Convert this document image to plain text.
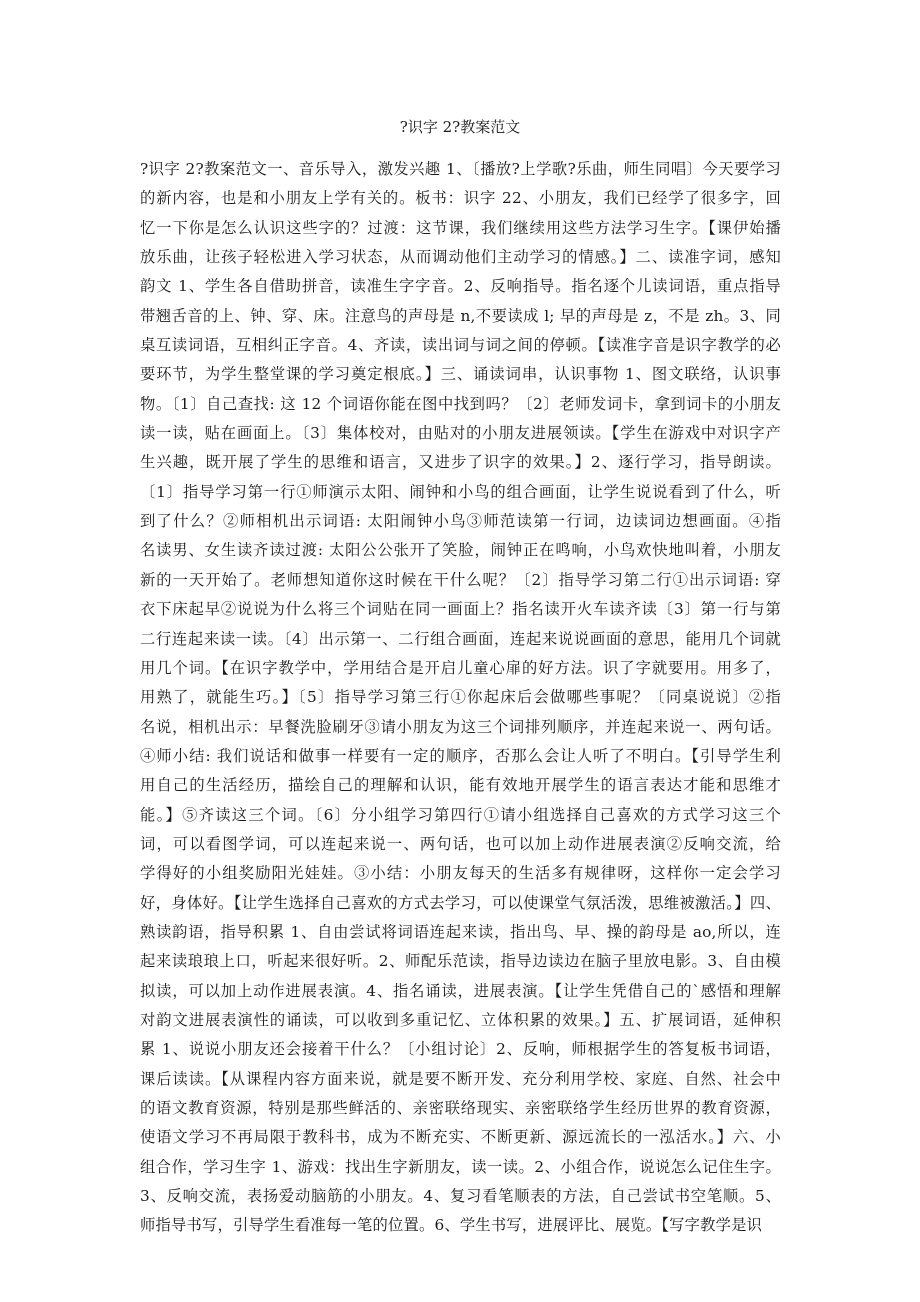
?识字 2?教案范文
?识字 2?教案范文一、音乐导入，激发兴趣 1、〔播放?上学歌?乐曲，师生同唱〕今天要学习
的新内容，也是和小朋友上学有关的。板书：识字 22、小朋友，我们已经学了很多字，回
忆一下你是怎么认识这些字的？过渡：这节课，我们继续用这些方法学习生字。【课伊始播
放乐曲，让孩子轻松进入学习状态，从而调动他们主动学习的情感。】二、读准字词，感知
韵文 1、学生各自借助拼音，读准生字字音。2、反响指导。指名逐个儿读词语，重点指导
带翘舌音的上、钟、穿、床。注意鸟的声母是 n,不要读成 l; 早的声母是 z，不是 zh。3、同
桌互读词语，互相纠正字音。4、齐读，读出词与词之间的停顿。【读准字音是识字教学的必
要环节，为学生整堂课的学习奠定根底。】三、诵读词串，认识事物 1、图文联络，认识事
物。〔1〕自己查找: 这 12 个词语你能在图中找到吗？〔2〕老师发词卡，拿到词卡的小朋友
读一读，贴在画面上。〔3〕集体校对，由贴对的小朋友进展领读。【学生在游戏中对识字产
生兴趣，既开展了学生的思维和语言，又进步了识字的效果。】2、逐行学习，指导朗读。
〔1〕指导学习第一行①师演示太阳、闹钟和小鸟的组合画面，让学生说说看到了什么，听
到了什么？②师相机出示词语: 太阳闹钟小鸟③师范读第一行词，边读词边想画面。④指
名读男、女生读齐读过渡: 太阳公公张开了笑脸，闹钟正在鸣响，小鸟欢快地叫着，小朋友
新的一天开始了。老师想知道你这时候在干什么呢？〔2〕指导学习第二行①出示词语: 穿
衣下床起早②说说为什么将三个词贴在同一画面上？指名读开火车读齐读〔3〕第一行与第
二行连起来读一读。〔4〕出示第一、二行组合画面，连起来说说画面的意思，能用几个词就
用几个词。【在识字教学中，学用结合是开启儿童心扉的好方法。识了字就要用。用多了，
用熟了，就能生巧。】〔5〕指导学习第三行①你起床后会做哪些事呢？〔同桌说说〕②指
名说，相机出示：早餐洗脸刷牙③请小朋友为这三个词排列顺序，并连起来说一、两句话。
④师小结: 我们说话和做事一样要有一定的顺序，否那么会让人听了不明白。【引导学生利
用自己的生活经历，描绘自己的理解和认识，能有效地开展学生的语言表达才能和思维才
能。】⑤齐读这三个词。〔6〕分小组学习第四行①请小组选择自己喜欢的方式学习这三个
词，可以看图学词，可以连起来说一、两句话，也可以加上动作进展表演②反响交流，给
学得好的小组奖励阳光娃娃。③小结：小朋友每天的生活多有规律呀，这样你一定会学习
好，身体好。【让学生选择自己喜欢的方式去学习，可以使课堂气氛活泼，思维被激活。】四、
熟读韵语，指导积累 1、自由尝试将词语连起来读，指出鸟、早、操的韵母是 ao,所以，连
起来读琅琅上口，听起来很好听。2、师配乐范读，指导边读边在脑子里放电影。3、自由模
拟读，可以加上动作进展表演。4、指名诵读，进展表演。【让学生凭借自己的`感悟和理解
对韵文进展表演性的诵读，可以收到多重记忆、立体积累的效果。】五、扩展词语，延伸积
累 1、说说小朋友还会接着干什么？〔小组讨论〕2、反响，师根据学生的答复板书词语，
课后读读。【从课程内容方面来说，就是要不断开发、充分利用学校、家庭、自然、社会中
的语文教育资源，特别是那些鲜活的、亲密联络现实、亲密联络学生经历世界的教育资源，
使语文学习不再局限于教科书，成为不断充实、不断更新、源远流长的一泓活水。】六、小
组合作，学习生字 1、游戏：找出生字新朋友，读一读。2、小组合作，说说怎么记住生字。
3、反响交流，表扬爱动脑筋的小朋友。4、复习看笔顺表的方法，自己尝试书空笔顺。5、
师指导书写，引导学生看准每一笔的位置。6、学生书写，进展评比、展览。【写字教学是识
